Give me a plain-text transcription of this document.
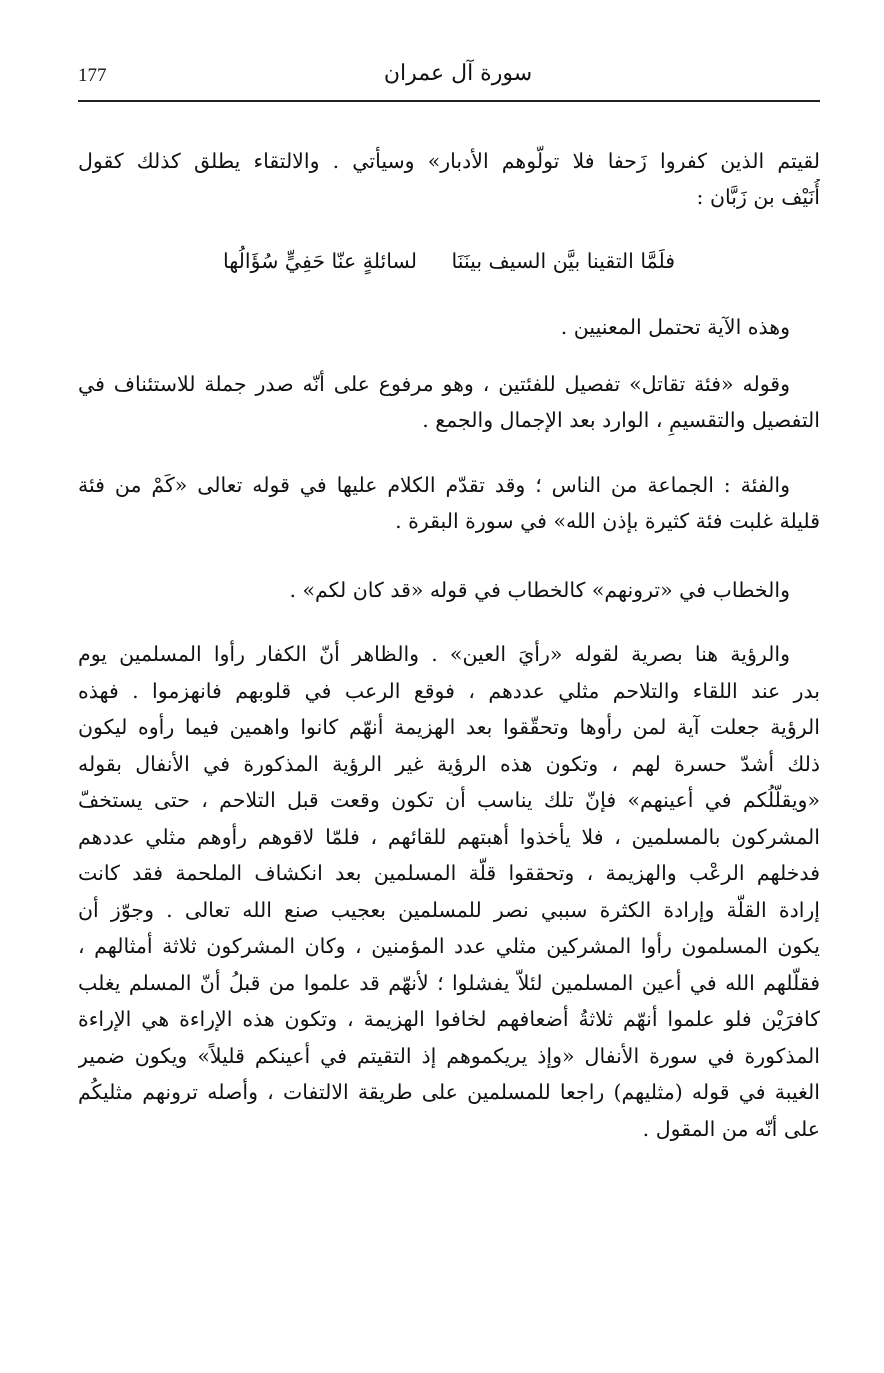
177	سورة آل عمران

لقيتم الذين كفروا زَحفا فلا تولّوهم الأدبار» وسيأتي . والالتقاء يطلق كذلك كقول
أُنَيْف بن زَبَّان :

فلَمَّا التقينا بيَّن السيف بينَنَا لسائلةٍ عنّا حَفِيٍّ سُؤَالُها

وهذه الآية تحتمل المعنيين .

وقوله «فئة تقاتل» تفصيل للفئتين ، وهو مرفوع على أنّه صدر جملة للاستئناف في
التفصيل والتقسيمِ ، الوارد بعد الإجمال والجمع .

والفئة : الجماعة من الناس ؛ وقد تقدّم الكلام عليها في قوله تعالى «كَمْ من فئة
قليلة غلبت فئة كثيرة بإذن الله» في سورة البقرة .

والخطاب في «ترونهم» كالخطاب في قوله «قد كان لكم» .

والرؤية هنا بصرية لقوله «رأيَ العين» . والظاهر أنّ الكفار رأوا المسلمين يوم
بدر عند اللقاء والتلاحم مثلي عددهم ، فوقع الرعب في قلوبهم فانهزموا . فهذه
الرؤية جعلت آية لمن رأوها وتحقّقوا بعد الهزيمة أنهّم كانوا واهمين فيما رأوه ليكون
ذلك أشدّ حسرة لهم ، وتكون هذه الرؤية غير الرؤية المذكورة في الأنفال بقوله
«ويقلّلُكم في أعينهم» فإنّ تلك يناسب أن تكون وقعت قبل التلاحم ، حتى يستخفّ
المشركون بالمسلمين ، فلا يأخذوا أهبتهم للقائهم ، فلمّا لاقوهم رأوهم مثلي عددهم
فدخلهم الرعْب والهزيمة ، وتحققوا قلّة المسلمين بعد انكشاف الملحمة فقد كانت
إرادة القلّة وإرادة الكثرة سببي نصر للمسلمين بعجيب صنع الله تعالى . وجوّز أن
يكون المسلمون رأوا المشركين مثلي عدد المؤمنين ، وكان المشركون ثلاثة أمثالهم ،
فقلّلهم الله في أعين المسلمين لئلاّ يفشلوا ؛ لأنهّم قد علموا من قبلُ أنّ المسلم يغلب
كافرَيْن فلو علموا أنهّم ثلاثةُ أضعافهم لخافوا الهزيمة ، وتكون هذه الإراءة هي الإراءة
المذكورة في سورة الأنفال «وإذ يريكموهم إذ التقيتم في أعينكم قليلاً» ويكون ضمير
الغيبة في قوله (مثليهم) راجعا للمسلمين على طريقة الالتفات ، وأصله ترونهم مثليكُم
على أنّه من المقول .
